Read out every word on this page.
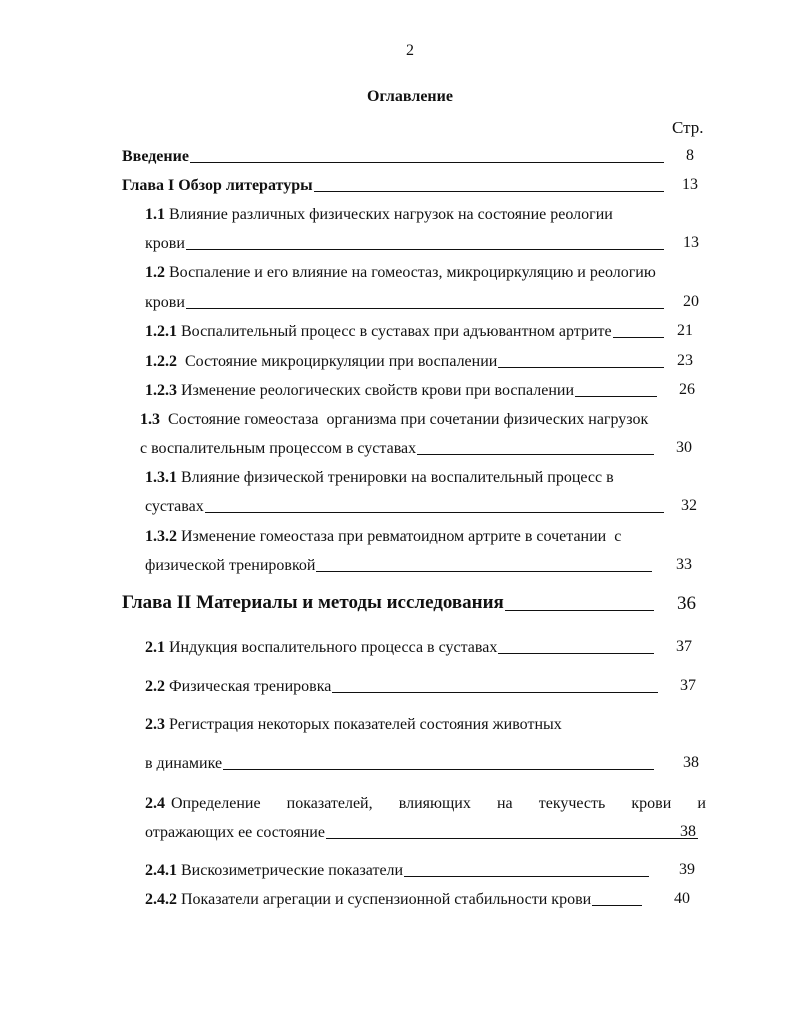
2
Оглавление
Стр.
8
Введение
13
Глава I Обзор литературы
1.1 Влияние различных физических нагрузок на состояние реологии
13
крови
1.2 Воспаление и его влияние на гомеостаз, микроциркуляцию и реологию
20
крови
21
1.2.1 Воспалительный процесс в суставах при адъювантном артрите
23
1.2.2 Состояние микроциркуляции при воспалении
26
1.2.3 Изменение реологических свойств крови при воспалении
1.3 Состояние гомеостаза  организма при сочетании физических нагрузок
30
с воспалительным процессом в суставах
1.3.1 Влияние физической тренировки на воспалительный процесс в
32
суставах
1.3.2 Изменение гомеостаза при ревматоидном артрите в сочетании  с
33
физической тренировкой
36
Глава II Материалы и методы исследования
37
2.1 Индукция воспалительного процесса в суставах
37
2.2 Физическая тренировка
2.3 Регистрация некоторых показателей состояния животных
38
в динамике
2.4 Определение показателей, влияющих на текучесть крови и
38
отражающих ее состояние
39
2.4.1 Вискозиметрические показатели
40
2.4.2 Показатели агрегации и суспензионной стабильности крови
